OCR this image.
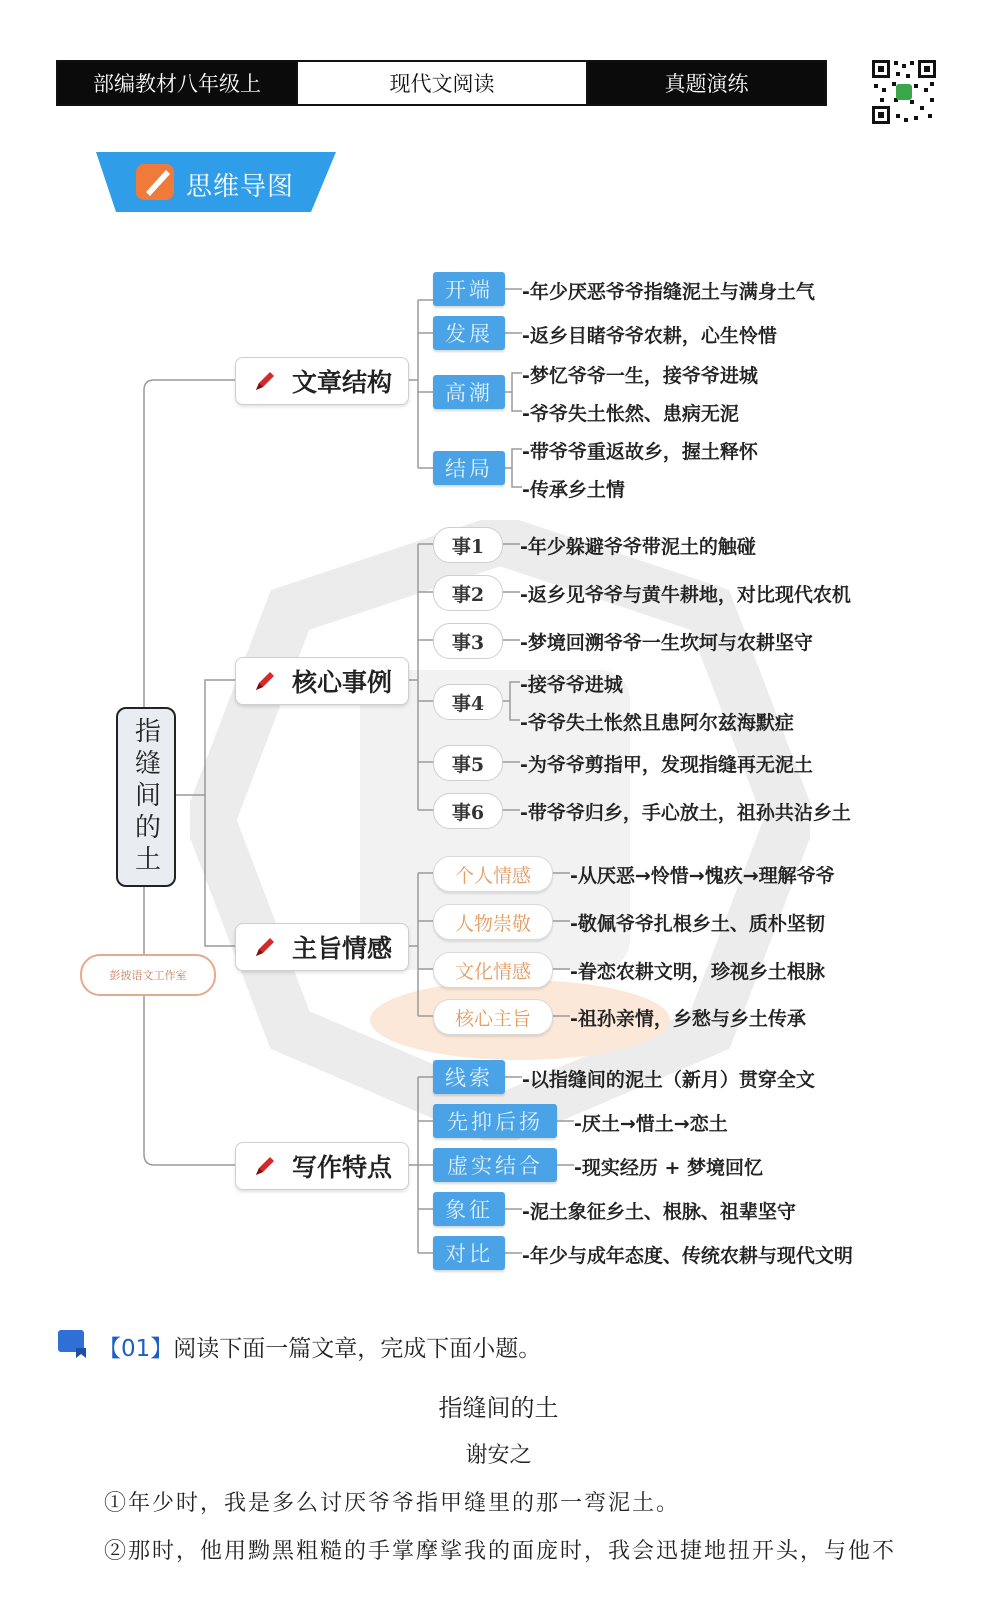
部编教材八年级上	现代文阅读	真题演练
思维导图
指缝间的土
彭披语文工作室
文章结构
开端
发展
高潮
结局
-年少厌恶爷爷指缝泥土与满身土气
-返乡目睹爷爷农耕，心生怜惜
-梦忆爷爷一生，接爷爷进城
-爷爷失土怅然、患病无泥
-带爷爷重返故乡，握土释怀
-传承乡土情
核心事例
事1
事2
事3
事4
事5
事6
-年少躲避爷爷带泥土的触碰
-返乡见爷爷与黄牛耕地，对比现代农机
-梦境回溯爷爷一生坎坷与农耕坚守
-接爷爷进城
-爷爷失土怅然且患阿尔兹海默症
-为爷爷剪指甲，发现指缝再无泥土
-带爷爷归乡，手心放土，祖孙共沾乡土
主旨情感
个人情感
人物崇敬
文化情感
核心主旨
-从厌恶→怜惜→愧疚→理解爷爷
-敬佩爷爷扎根乡土、质朴坚韧
-眷恋农耕文明，珍视乡土根脉
-祖孙亲情，乡愁与乡土传承
写作特点
线索
先抑后扬
虚实结合
象征
对比
-以指缝间的泥土（新月）贯穿全文
-厌土→惜土→恋土
-现实经历 + 梦境回忆
-泥土象征乡土、根脉、祖辈坚守
-年少与成年态度、传统农耕与现代文明
【01】阅读下面一篇文章，完成下面小题。
指缝间的土
谢安之
①年少时，我是多么讨厌爷爷指甲缝里的那一弯泥土。
②那时，他用黝黑粗糙的手掌摩挲我的面庞时，我会迅捷地扭开头，与他不
